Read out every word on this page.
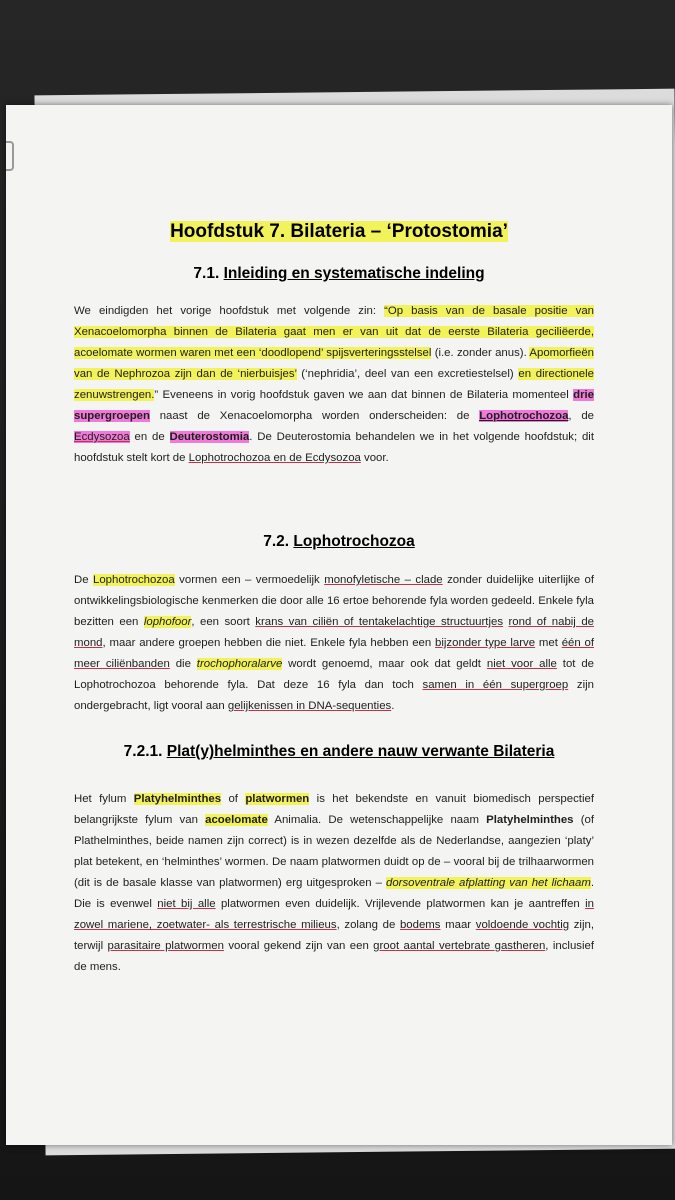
Hoofdstuk 7. Bilateria – ‘Protostomia’
7.1. Inleiding en systematische indeling

We eindigden het vorige hoofdstuk met volgende zin: “Op basis van de basale positie van Xenacoelomorpha binnen de Bilateria gaat men er van uit dat de eerste Bilateria geciliëerde, acoelomate wormen waren met een ‘doodlopend’ spijsverteringsstelsel (i.e. zonder anus). Apomorfieën van de Nephrozoa zijn dan de ‘nierbuisjes’ (‘nephridia’, deel van een excretiestelsel) en directionele zenuwstrengen.” Eveneens in vorig hoofdstuk gaven we aan dat binnen de Bilateria momenteel drie supergroepen naast de Xenacoelomorpha worden onderscheiden: de Lophotrochozoa, de Ecdysozoa en de Deuterostomia. De Deuterostomia behandelen we in het volgende hoofdstuk; dit hoofdstuk stelt kort de Lophotrochozoa en de Ecdysozoa voor.

7.2. Lophotrochozoa

De Lophotrochozoa vormen een – vermoedelijk monofyletische – clade zonder duidelijke uiterlijke of ontwikkelingsbiologische kenmerken die door alle 16 ertoe behorende fyla worden gedeeld. Enkele fyla bezitten een lophofoor, een soort krans van ciliën of tentakelachtige structuurtjes rond of nabij de mond, maar andere groepen hebben die niet. Enkele fyla hebben een bijzonder type larve met één of meer ciliënbanden die trochophoralarve wordt genoemd, maar ook dat geldt niet voor alle tot de Lophotrochozoa behorende fyla. Dat deze 16 fyla dan toch samen in één supergroep zijn ondergebracht, ligt vooral aan gelijkenissen in DNA-sequenties.

7.2.1. Plat(y)helminthes en andere nauw verwante Bilateria

Het fylum Platyhelminthes of platwormen is het bekendste en vanuit biomedisch perspectief belangrijkste fylum van acoelomate Animalia. De wetenschappelijke naam Platyhelminthes (of Plathelminthes, beide namen zijn correct) is in wezen dezelfde als de Nederlandse, aangezien ‘platy’ plat betekent, en ‘helminthes’ wormen. De naam platwormen duidt op de – vooral bij de trilhaarwormen (dit is de basale klasse van platwormen) erg uitgesproken – dorsoventrale afplatting van het lichaam. Die is evenwel niet bij alle platwormen even duidelijk. Vrijlevende platwormen kan je aantreffen in zowel mariene, zoetwater- als terrestrische milieus, zolang de bodems maar voldoende vochtig zijn, terwijl parasitaire platwormen vooral gekend zijn van een groot aantal vertebrate gastheren, inclusief de mens.
